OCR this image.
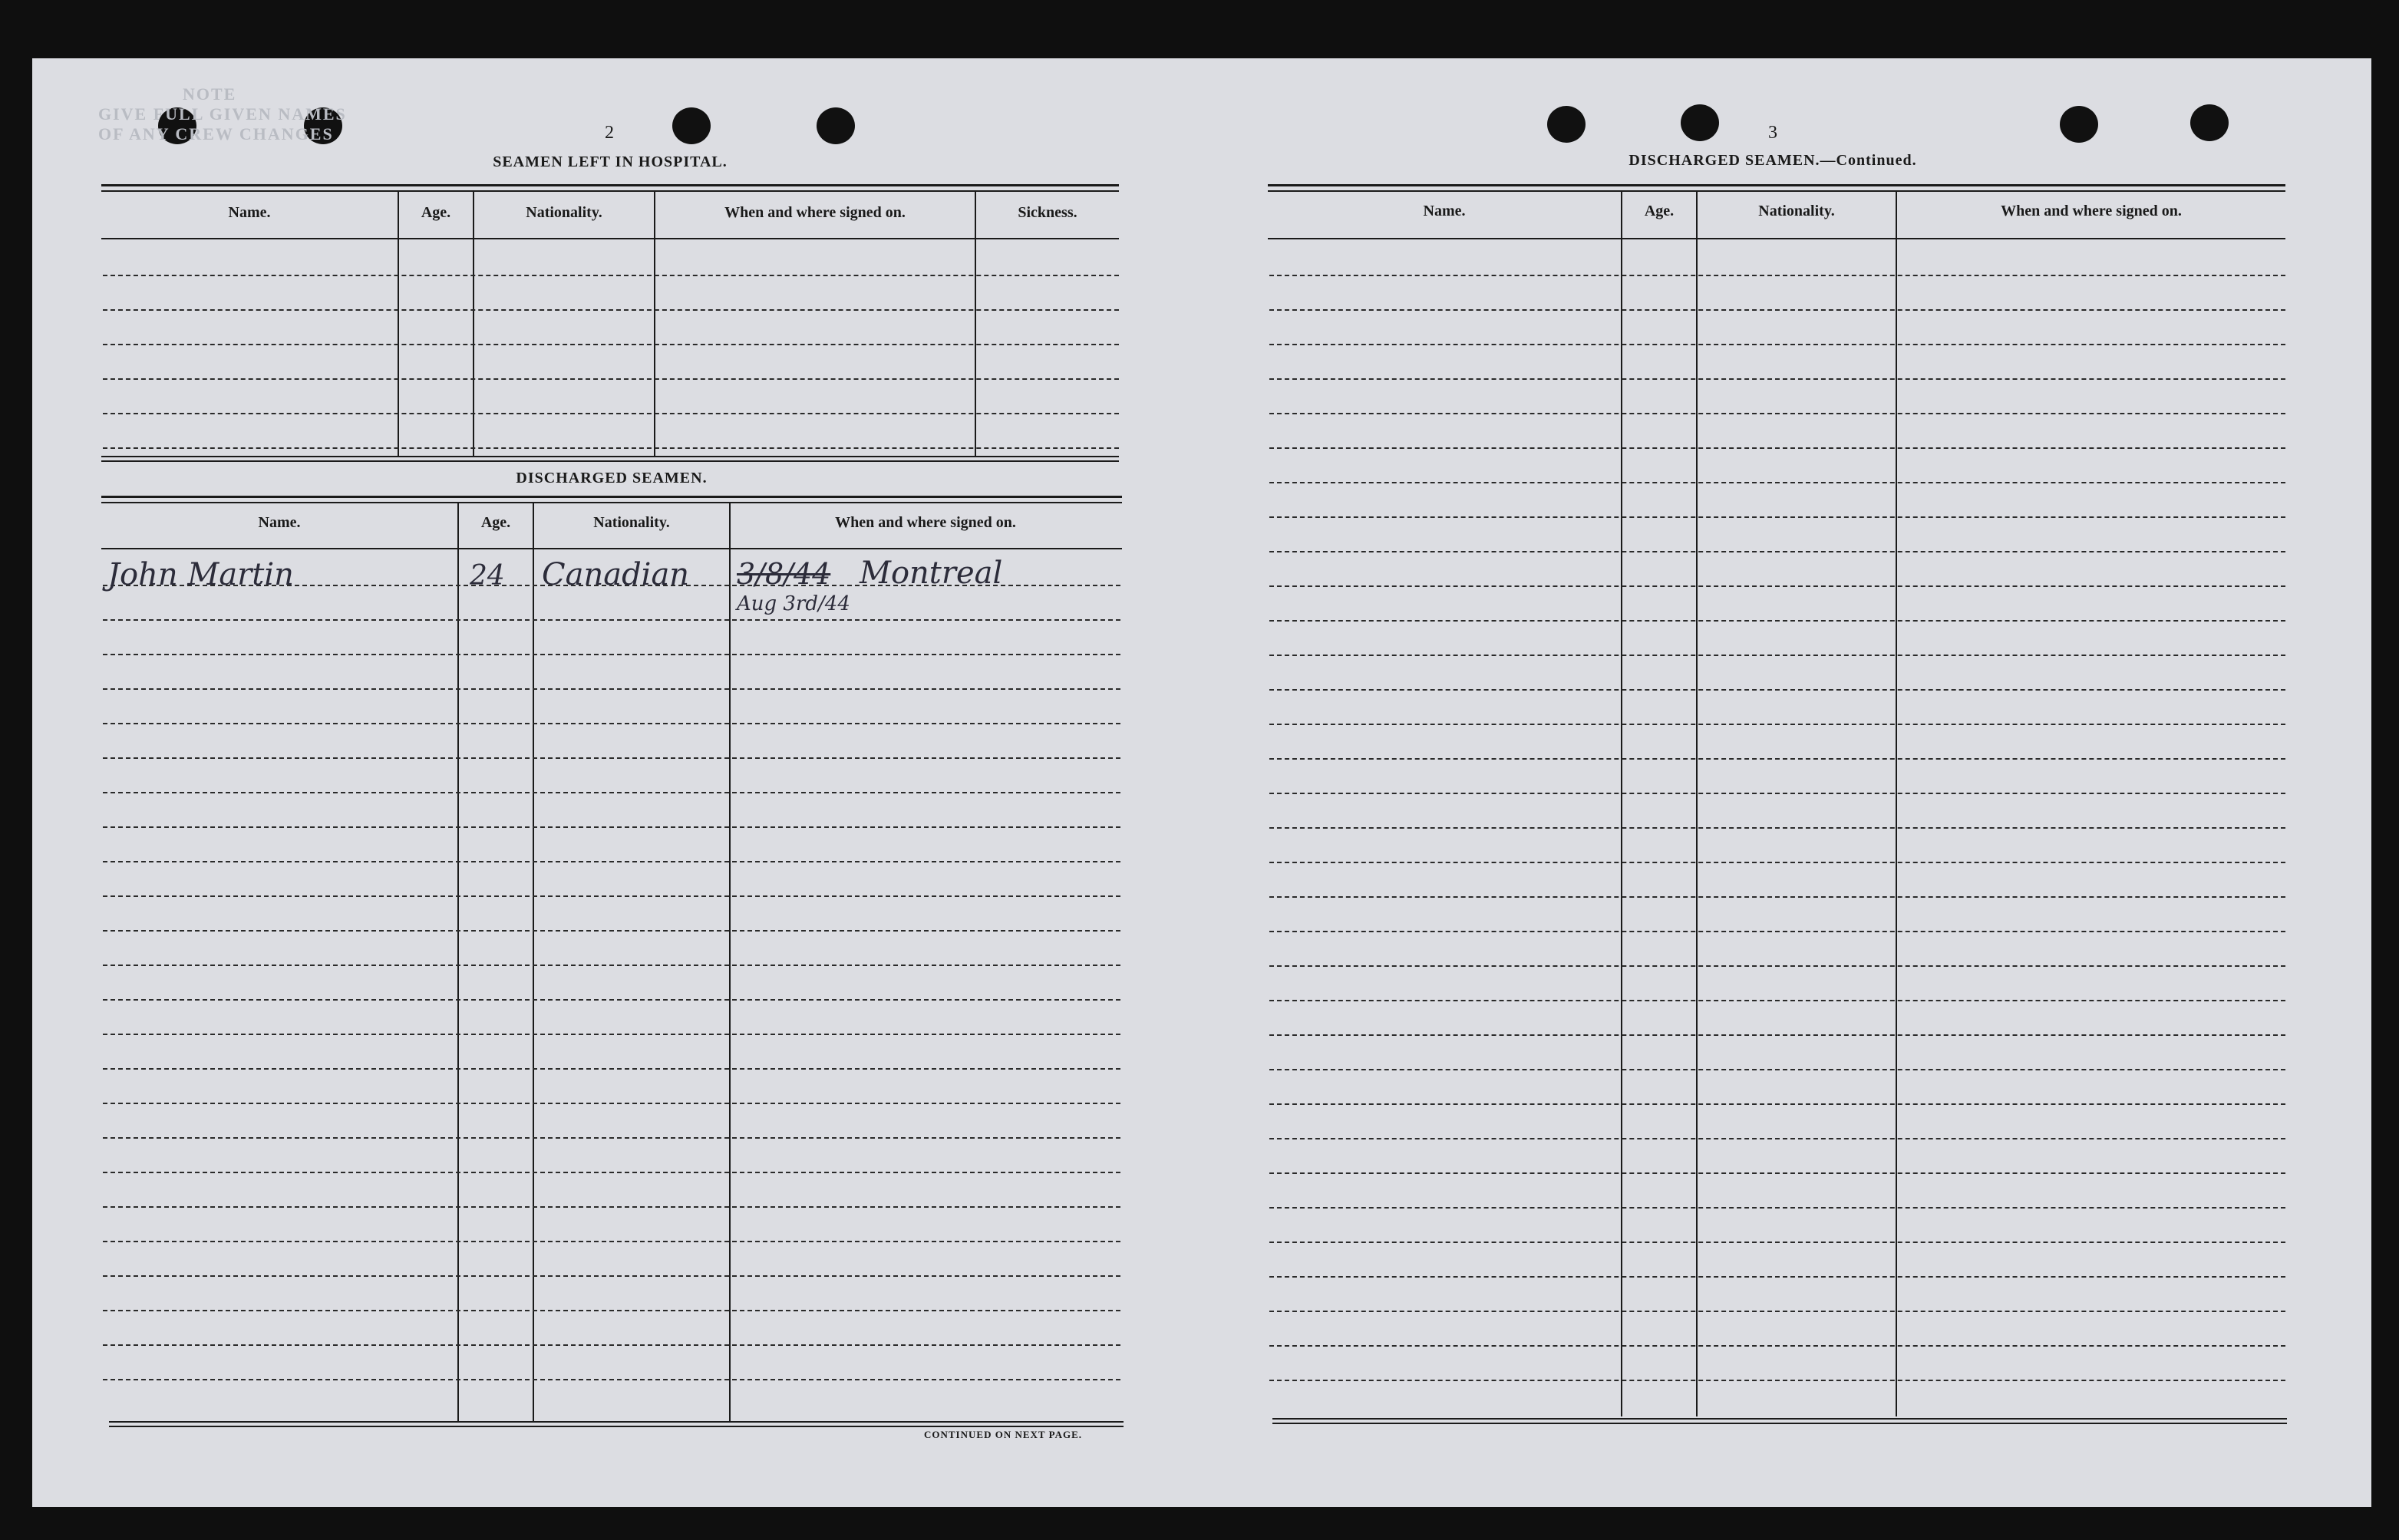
NOTE
GIVE FULL GIVEN NAMES
OF ANY CREW CHANGES	2
SEAMEN LEFT IN HOSPITAL.
Name.	Age.	Nationality.	When and where signed on.	Sickness.
DISCHARGED SEAMEN.
Name.	Age.	Nationality.	When and where signed on.
John Martin	24 Canadian 3/8/44 Montreal
Aug 3rd/44
CONTINUED ON NEXT PAGE.
3
DISCHARGED SEAMEN.—Continued.
Name.	Age.	Nationality.	When and where signed on.
